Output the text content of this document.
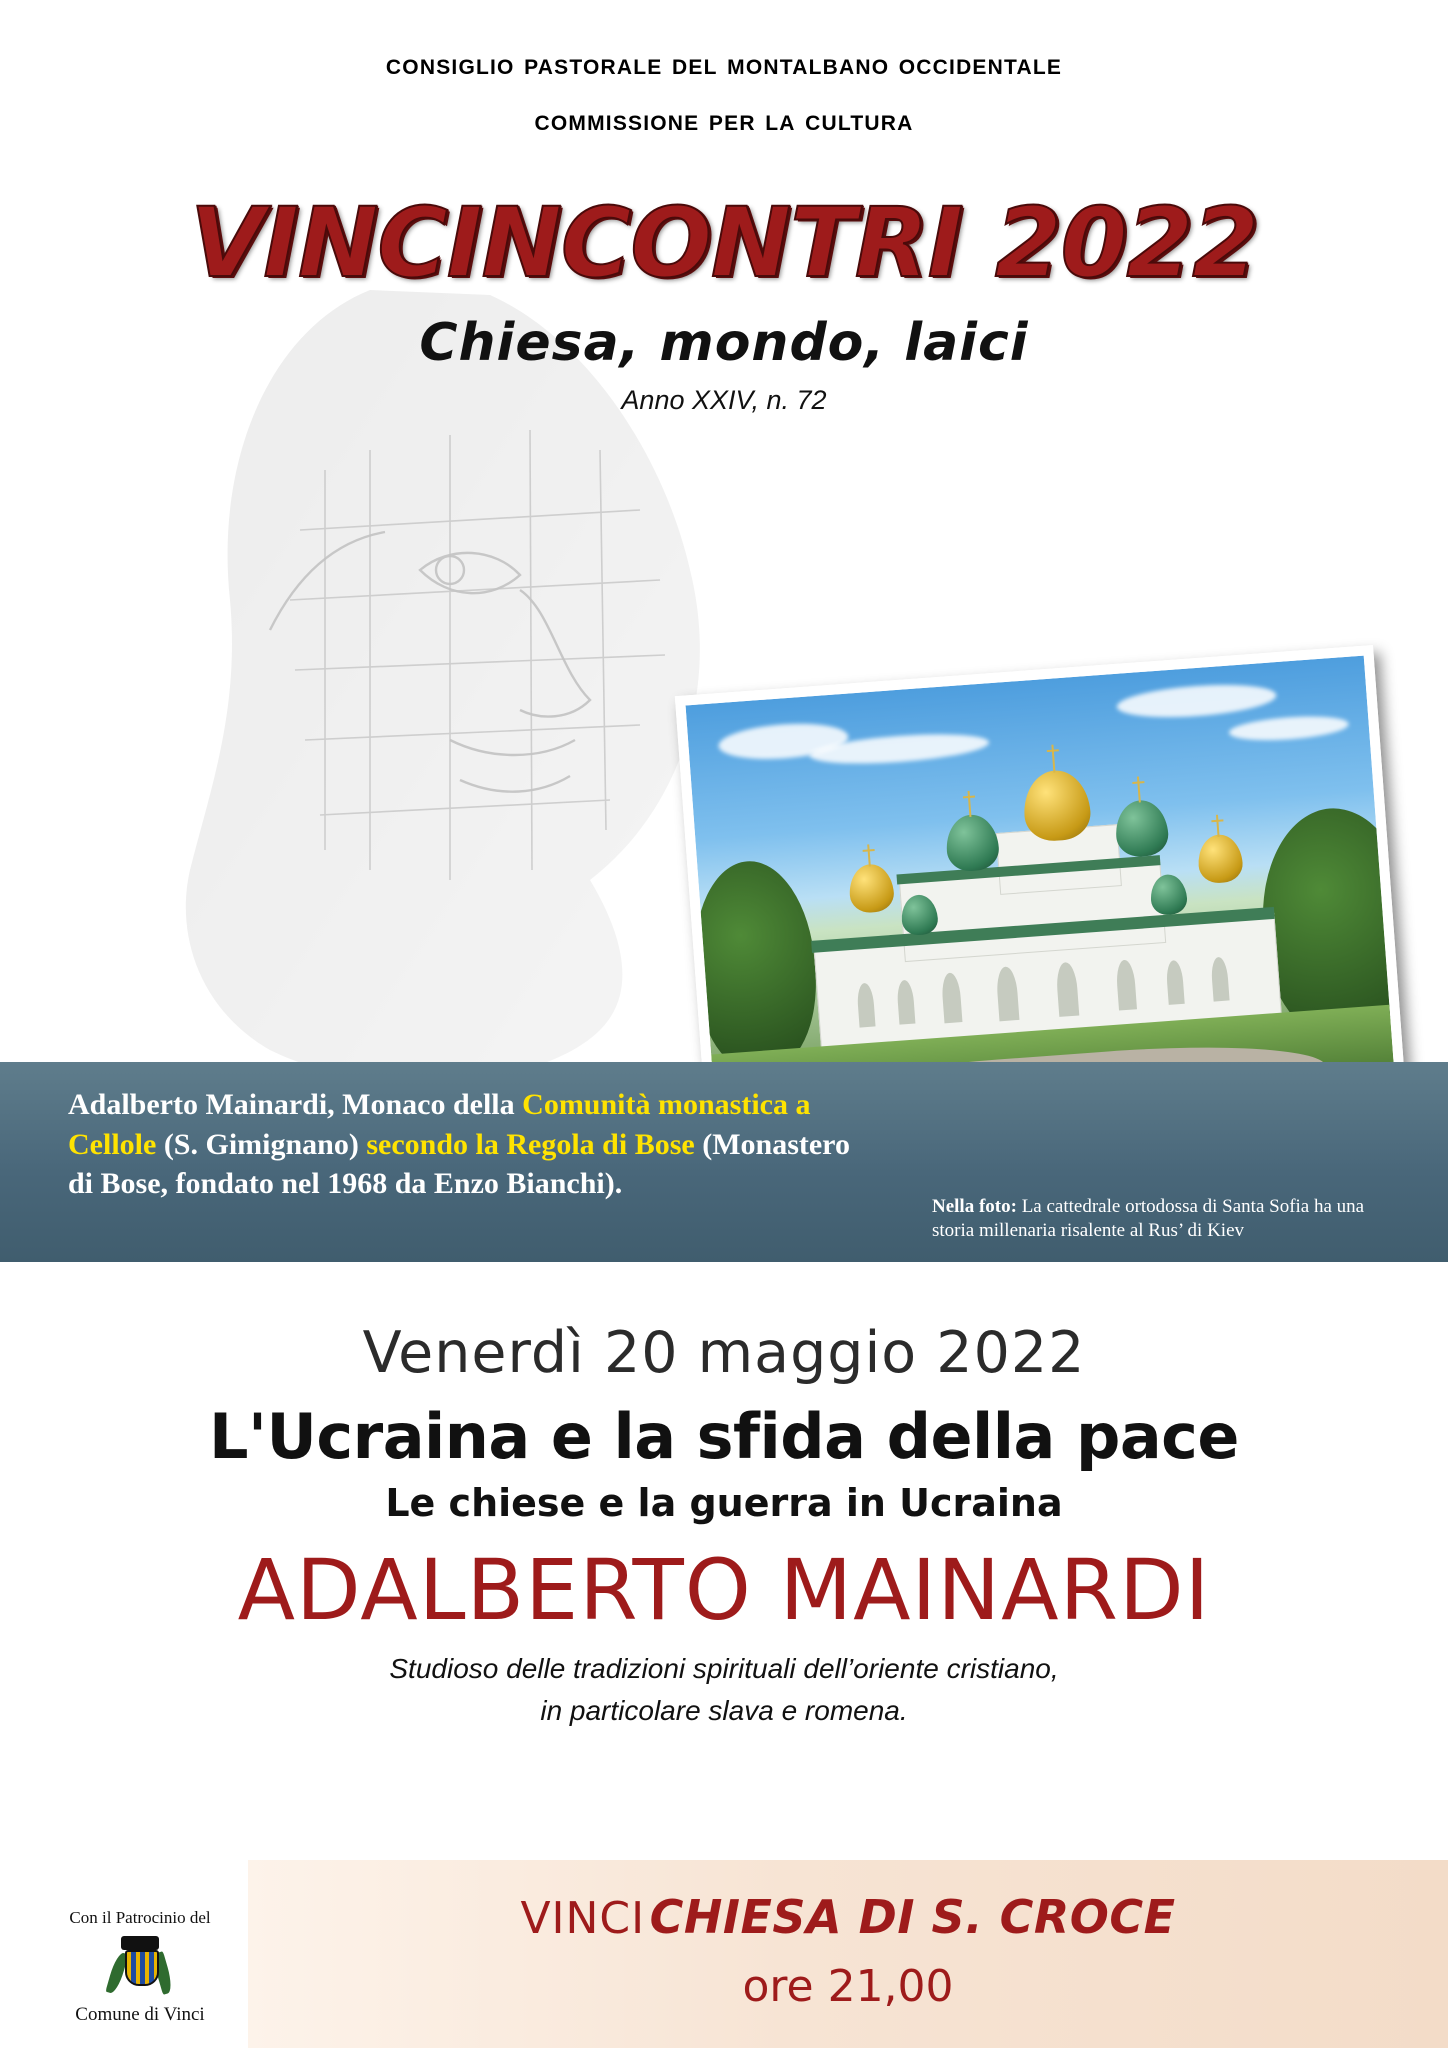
consiglio pastorale del montalbano occidentale
commissione per la cultura
VINCINCONTRI 2022
Chiesa, mondo, laici
Anno XXIV, n. 72
Adalberto Mainardi, Monaco della Comunità monastica a Cellole (S. Gimignano) secondo la Regola di Bose (Monastero di Bose, fondato nel 1968 da Enzo Bianchi).
Nella foto: La cattedrale ortodossa di Santa Sofia ha una storia millenaria risalente al Rus’ di Kiev
Venerdì 20 maggio 2022
L'Ucraina e la sfida della pace
Le chiese e la guerra in Ucraina
ADALBERTO MAINARDI
Studioso delle tradizioni spirituali dell’oriente cristiano,
in particolare slava e romena.
VINCI CHIESA DI S. CROCE
ore 21,00
Con il Patrocinio del
Comune di Vinci
